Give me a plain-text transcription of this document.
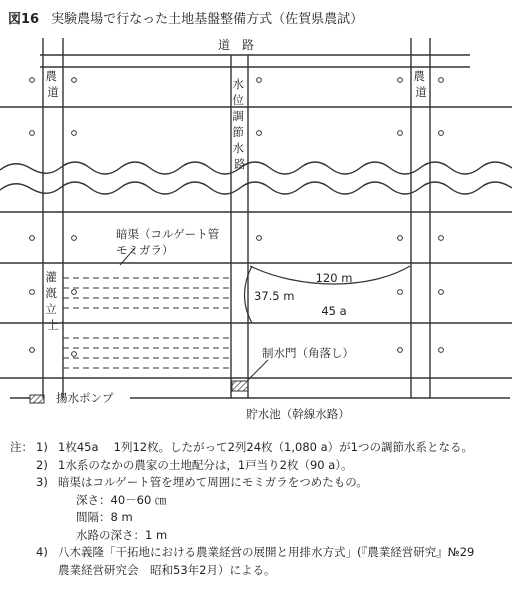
図16 実験農場で行なった土地基盤整備方式（佐賀県農試）
道　路
農 道
農 道
水 位 調 節 水 路
灌 漑 立 上
暗渠（コルゲート管
モミガラ）
120 m
37.5 m
45 a
制水門（角落し）
揚水ポンプ
貯水池（幹線水路）
注： 1) 1枚45a　 1列12枚。したがって2列24枚（1,080 a）が1つの調節水系となる。
2) 1水系のなかの農家の土地配分は，1戸当り2枚（90 a）。
3) 暗渠はコルゲート管を埋めて周囲にモミガラをつめたもの。
深さ：40－60 ㎝
間隔：8 m
水路の深さ：1 m
4) 八木義隆「干拓地における農業経営の展開と用排水方式」(『農業経営研究』№29
農業経営研究会　昭和53年2月）による。
